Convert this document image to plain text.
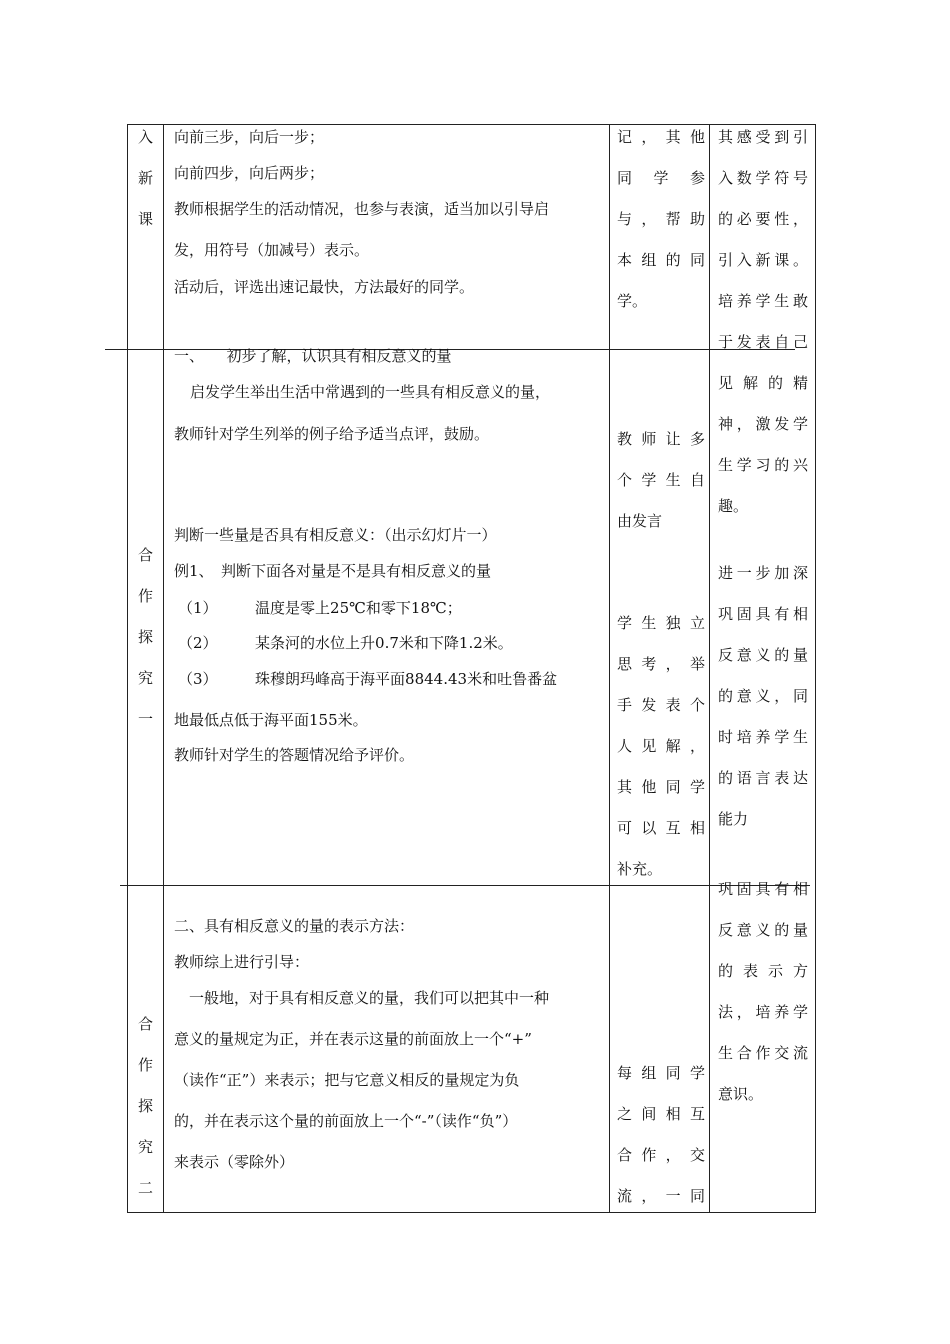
入
新
课
向前三步，向后一步；
向前四步，向后两步；
教师根据学生的活动情况，也参与表演，适当加以引导启
发，用符号（加减号）表示。
活动后，评选出速记最快，方法最好的同学。
记 ， 其 他
同 学 参
与 ， 帮 助
本 组 的 同
学。
其感受到引
入数学符号
的必要性，
引入新课。
培养学生敢
于发表自己
见 解 的 精
神，激发学
生学习的兴
趣。
合
作
探
究
一
一、　　初步了解，认识具有相反意义的量
启发学生举出生活中常遇到的一些具有相反意义的量，
教师针对学生列举的例子给予适当点评，鼓励。
判断一些量是否具有相反意义：（出示幻灯片一）
例1、　判断下面各对量是不是具有相反意义的量
（1）　　　温度是零上25℃和零下18℃；
（2）　　　某条河的水位上升0.7米和下降1.2米。
（3）　　　珠穆朗玛峰高于海平面8844.43米和吐鲁番盆
地最低点低于海平面155米。
教师针对学生的答题情况给予评价。
教 师 让 多
个 学 生 自
由发言
学 生 独 立
思 考 ， 举
手 发 表 个
人 见 解 ，
其 他 同 学
可 以 互 相
补充。
进一步加深
巩固具有相
反意义的量
的意义，同
时培养学生
的语言表达
能力
合
作
探
究
二
二、具有相反意义的量的表示方法：
教师综上进行引导：
　一般地，对于具有相反意义的量，我们可以把其中一种
意义的量规定为正，并在表示这量的前面放上一个“+”
（读作“正”）来表示；把与它意义相反的量规定为负
的，并在表示这个量的前面放上一个“-”（读作“负”）
来表示（零除外）
每 组 同 学
之 间 相 互
合 作 ， 交
流 ， 一 同
巩固具有相
反意义的量
的 表 示 方
法，培养学
生合作交流
意识。
